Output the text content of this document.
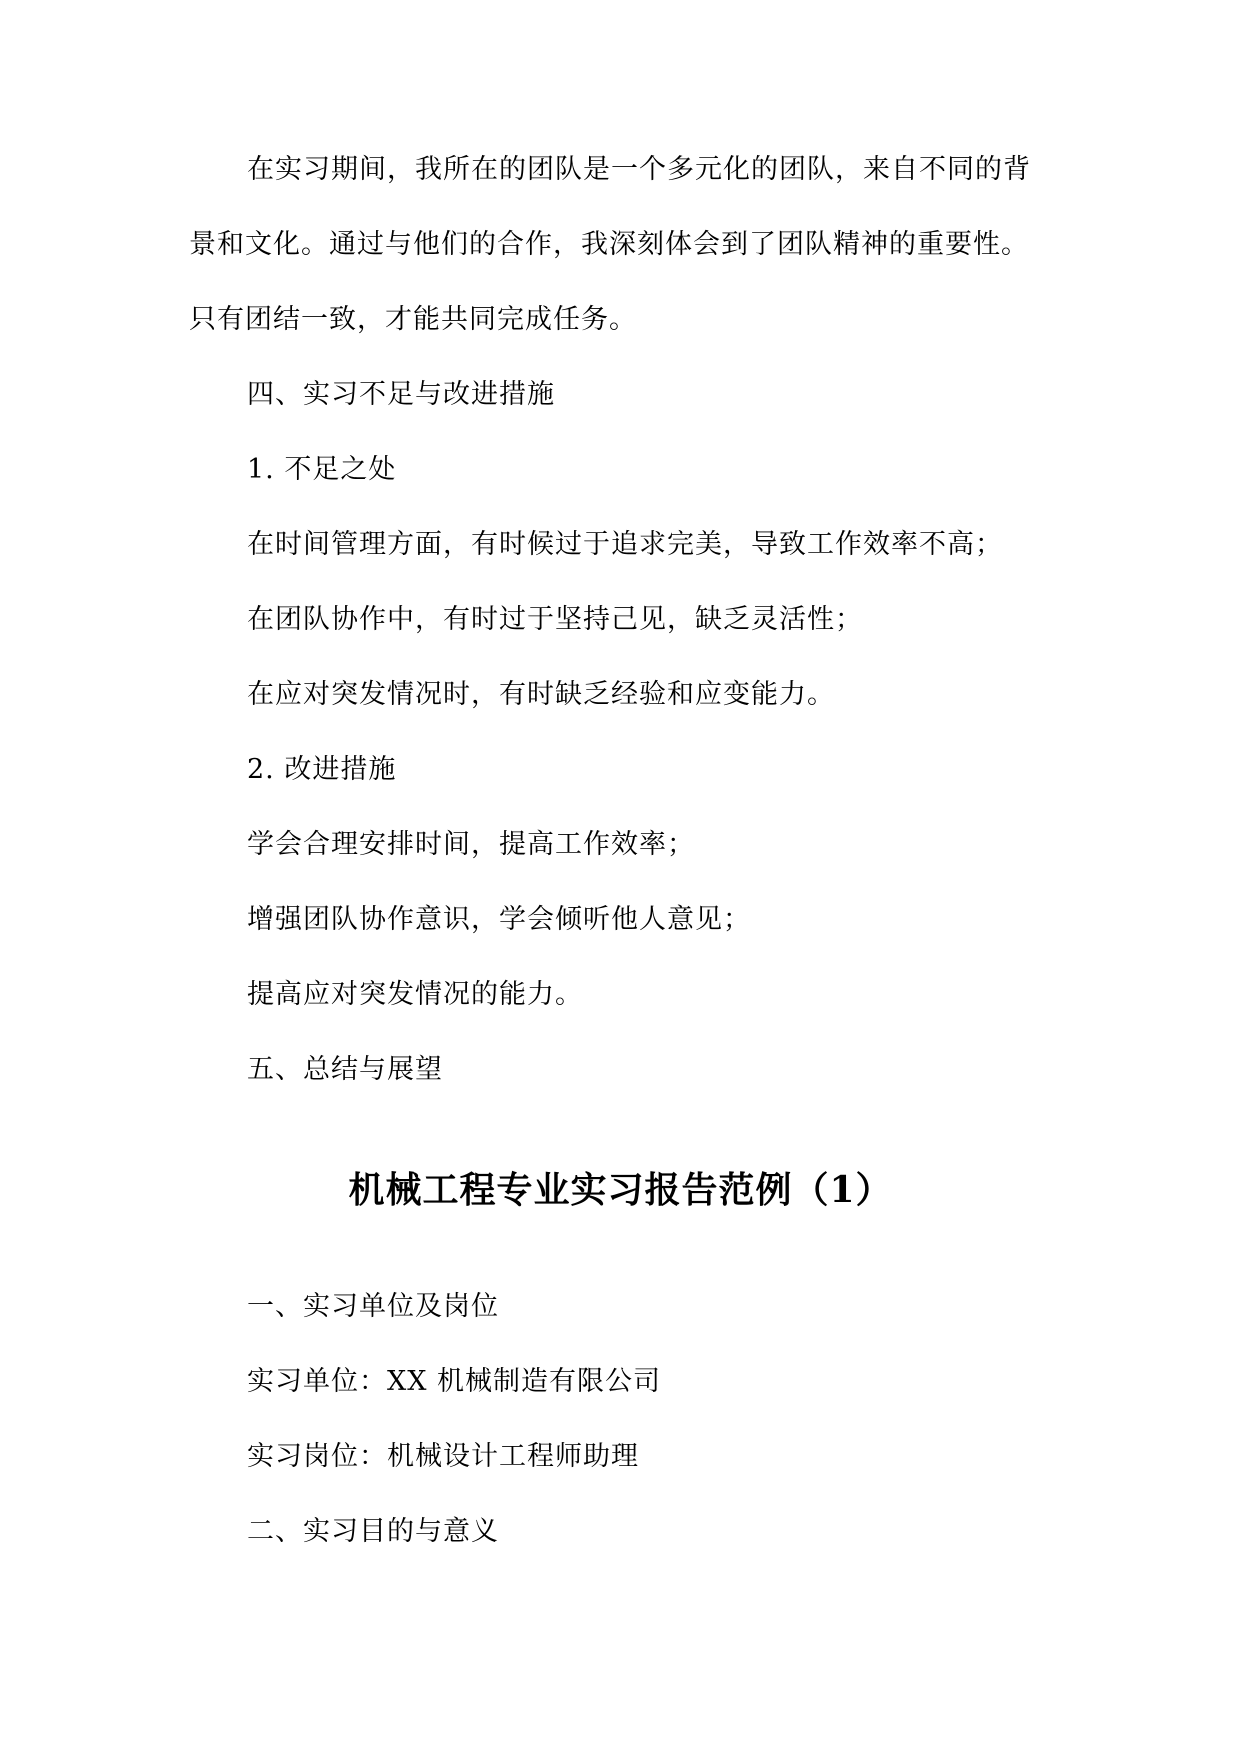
在实习期间，我所在的团队是一个多元化的团队，来自不同的背
景和文化。通过与他们的合作，我深刻体会到了团队精神的重要性。
只有团结一致，才能共同完成任务。
四、实习不足与改进措施
1. 不足之处
在时间管理方面，有时候过于追求完美，导致工作效率不高；
在团队协作中，有时过于坚持己见，缺乏灵活性；
在应对突发情况时，有时缺乏经验和应变能力。
2. 改进措施
学会合理安排时间，提高工作效率；
增强团队协作意识，学会倾听他人意见；
提高应对突发情况的能力。
五、总结与展望
机械工程专业实习报告范例（1）
一、实习单位及岗位
实习单位：XX 机械制造有限公司
实习岗位：机械设计工程师助理
二、实习目的与意义
